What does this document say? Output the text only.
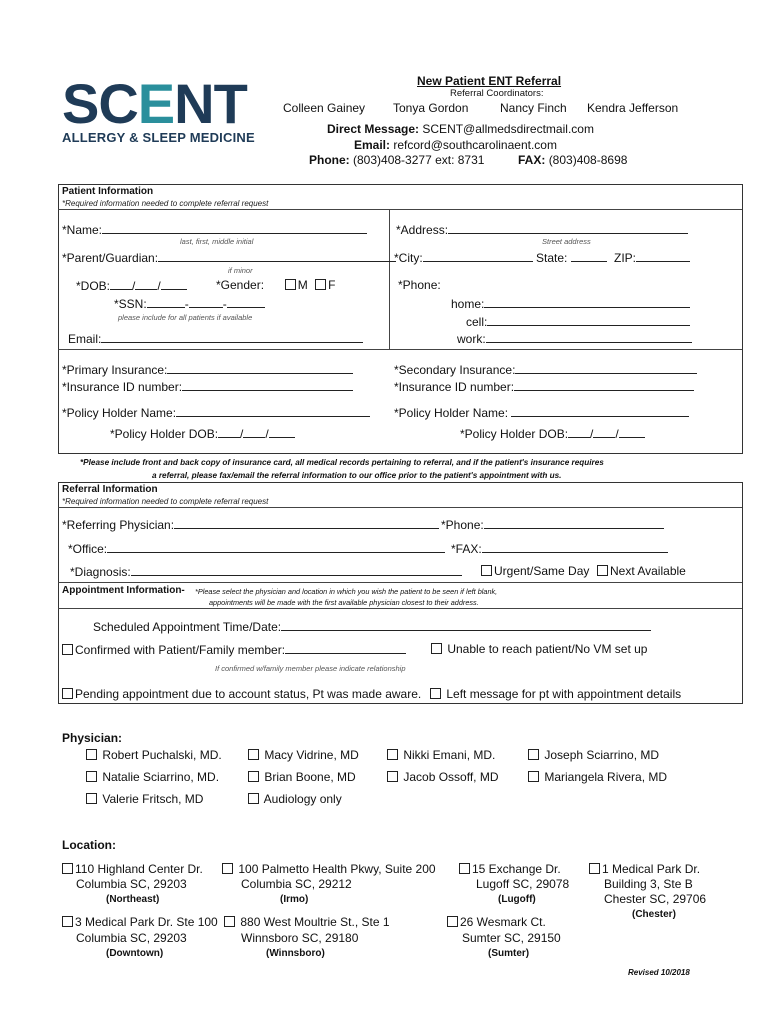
SCENT
ALLERGY & SLEEP MEDICINE
New Patient ENT Referral
Referral Coordinators:
Colleen Gainey Tonya Gordon	Nancy Finch Kendra Jefferson
Direct Message: SCENT@allmedsdirectmail.com
Email: refcord@southcarolinaent.com
Phone: (803)408-3277 ext: 8731	FAX: (803)408-8698
Patient Information
*Required information needed to complete referral request
*Name:
last, first, middle initial
*Parent/Guardian:
if minor
*DOB: / /	*Gender:	M F
*SSN:	-	-
please include for all patients if available
Email:
*Address:
Street address
*City:	State:	ZIP:
*Phone:
home:
cell:
work:
*Primary Insurance:
*Insurance ID number:
*Secondary Insurance:
*Insurance ID number:
*Policy Holder Name:
*Policy Holder DOB: / /
*Policy Holder Name:
*Policy Holder DOB: / /
*Please include front and back copy of insurance card, all medical records pertaining to referral, and if the patient's insurance requires
a referral, please fax/email the referral information to our office prior to the patient's appointment with us.
Referral Information
*Required information needed to complete referral request
*Referring Physician:	*Phone:
*Office:	*FAX:
*Diagnosis:	Urgent/Same Day	Next Available
Appointment Information- *Please select the physician and location in which you wish the patient to be seen if left blank,
appointments will be made with the first available physician closest to their address.
Scheduled Appointment Time/Date:
Confirmed with Patient/Family member:	Unable to reach patient/No VM set up
If confirmed w/family member please indicate relationship
Pending appointment due to account status, Pt was made aware.	Left message for pt with appointment details
Physician:
Robert Puchalski, MD.	Macy Vidrine, MD	Nikki Emani, MD.	Joseph Sciarrino, MD
Natalie Sciarrino, MD.	Brian Boone, MD	Jacob Ossoff, MD	Mariangela Rivera, MD
Valerie Fritsch, MD	Audiology only
Location:
110 Highland Center Dr.
Columbia SC, 29203
(Northeast)
100 Palmetto Health Pkwy, Suite 200
Columbia SC, 29212
(Irmo)
15 Exchange Dr.
Lugoff SC, 29078
(Lugoff)
1 Medical Park Dr.
Building 3, Ste B
Chester SC, 29706
(Chester)
3 Medical Park Dr. Ste 100
Columbia SC, 29203
(Downtown)
880 West Moultrie St., Ste 1
Winnsboro SC, 29180
(Winnsboro)
26 Wesmark Ct.
Sumter SC, 29150
(Sumter)
Revised 10/2018
